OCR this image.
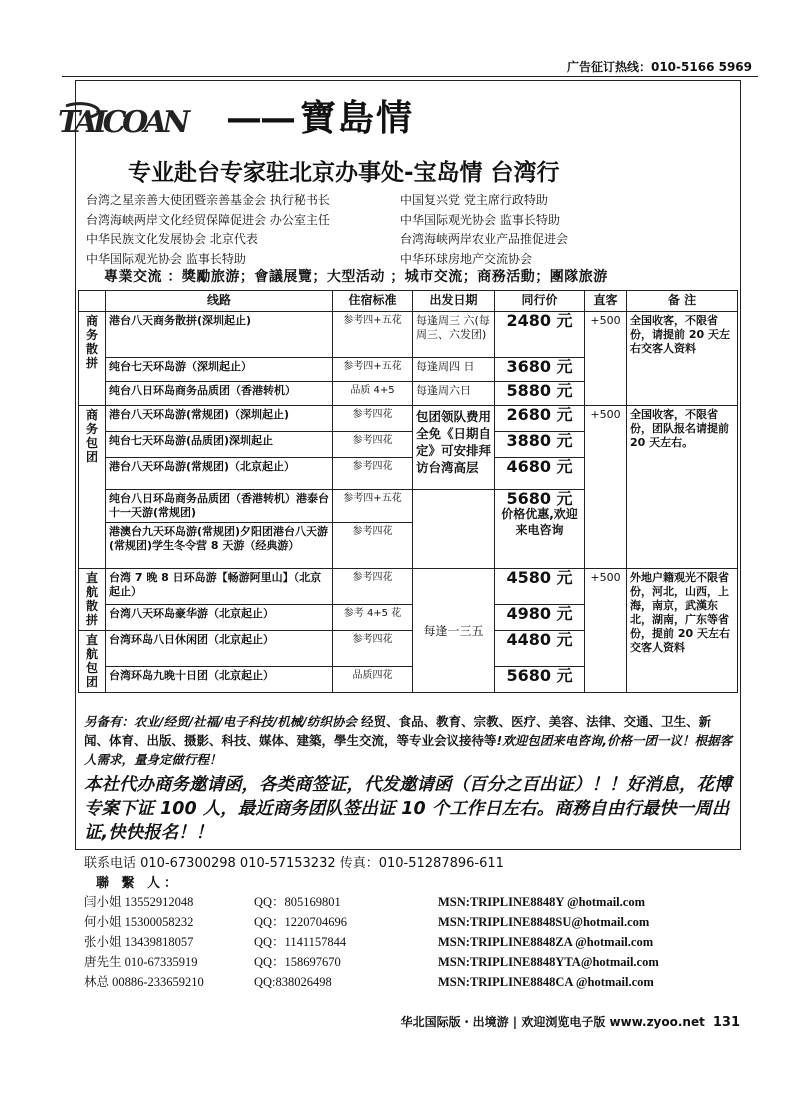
广告征订热线：010-5166 5969
TAICOAN —— 寶島情
专业赴台专家驻北京办事处-宝岛情 台湾行
台湾之星亲善大使团暨亲善基金会 执行秘书长	中国复兴党 党主席行政特助
台湾海峡两岸文化经贸保障促进会 办公室主任	中华国际观光协会 监事长特助
中华民族文化发展协会 北京代表	台湾海峡两岸农业产品推促进会
中华国际观光协会 监事长特助	中华环球房地产交流协会
專業交流 ：獎勵旅游；會議展覽；大型活动 ；城市交流；商務活動；團隊旅游
	线路	住宿标准	出发日期	同行价	直客	备 注
商务散拼	港台八天商务散拼(深圳起止)	参考四+五花	每逢周三 六(每周三、六发团)	2480 元	+500	全国收客，不限省份，请提前 20 天左右交客人资料
	纯台七天环岛游（深圳起止）	参考四+五花	每逢周四 日	3680 元		
	纯台八日环岛商务品质团（香港转机）	品质 4+5	每逢周六日	5880 元		
商务包团	港台八天环岛游(常规团)（深圳起止)	参考四花	包团领队费用全免《日期自定》可安排拜访台湾高层	2680 元	+500	全国收客，不限省份，团队报名请提前 20 天左右。
	纯台七天环岛游(品质团)深圳起止	参考四花		3880 元		
	港台八天环岛游(常规团)（北京起止）	参考四花		4680 元		
	纯台八日环岛商务品质团（香港转机）港泰台十一天游(常规团)	参考四+五花		5680 元
价格优惠,欢迎来电咨询		

	港澳台九天环岛游(常规团)夕阳团港台八天游(常规团)学生冬令营 8 天游（经典游）	参考四花				
直航散拼	台湾 7 晚 8 日环岛游【畅游阿里山】（北京起止）	参考四花	每逢一三五	4580 元	+500	外地户籍观光不限省份，河北，山西，上海，南京，武漢东北，湖南，广东等省份，提前 20 天左右交客人资料
	台湾八天环岛豪华游（北京起止）	参考 4+5 花		4980 元		
直航包团	台湾环岛八日休闲团（北京起止）	参考四花		4480 元		
	台湾环岛九晚十日团（北京起止）	品质四花		5680 元		
另备有：农业/经贸/社福/电子科技/机械/纺织协会 经贸、食品、教育、宗教、医疗、美容、法律、交通、卫生、新闻、体育、出版、摄影、科技、媒体、建築，學生交流，等专业会议接待等!欢迎包团来电咨询,价格一团一议！根据客人需求，量身定做行程！
本社代办商务邀请函，各类商签证，代发邀请函（百分之百出证）！！好消息，花博专案下证 100 人，最近商务团队签出证 10 个工作日左右。商務自由行最快一周出证,快快报名！！
联系电话 010-67300298 010-57153232 传真：010-51287896-611
聯 繫 人：
闫小姐 13552912048	QQ：805169801	MSN:TRIPLINE8848Y @hotmail.com
何小姐 15300058232	QQ：1220704696	MSN:TRIPLINE8848SU@hotmail.com
张小姐 13439818057	QQ：1141157844	MSN:TRIPLINE8848ZA @hotmail.com
唐先生 010-67335919	QQ：158697670	MSN:TRIPLINE8848YTA@hotmail.com
林总 00886-233659210	QQ:838026498	MSN:TRIPLINE8848CA @hotmail.com
华北国际版・出境游 | 欢迎浏览电子版 www.zyoo.net 131
